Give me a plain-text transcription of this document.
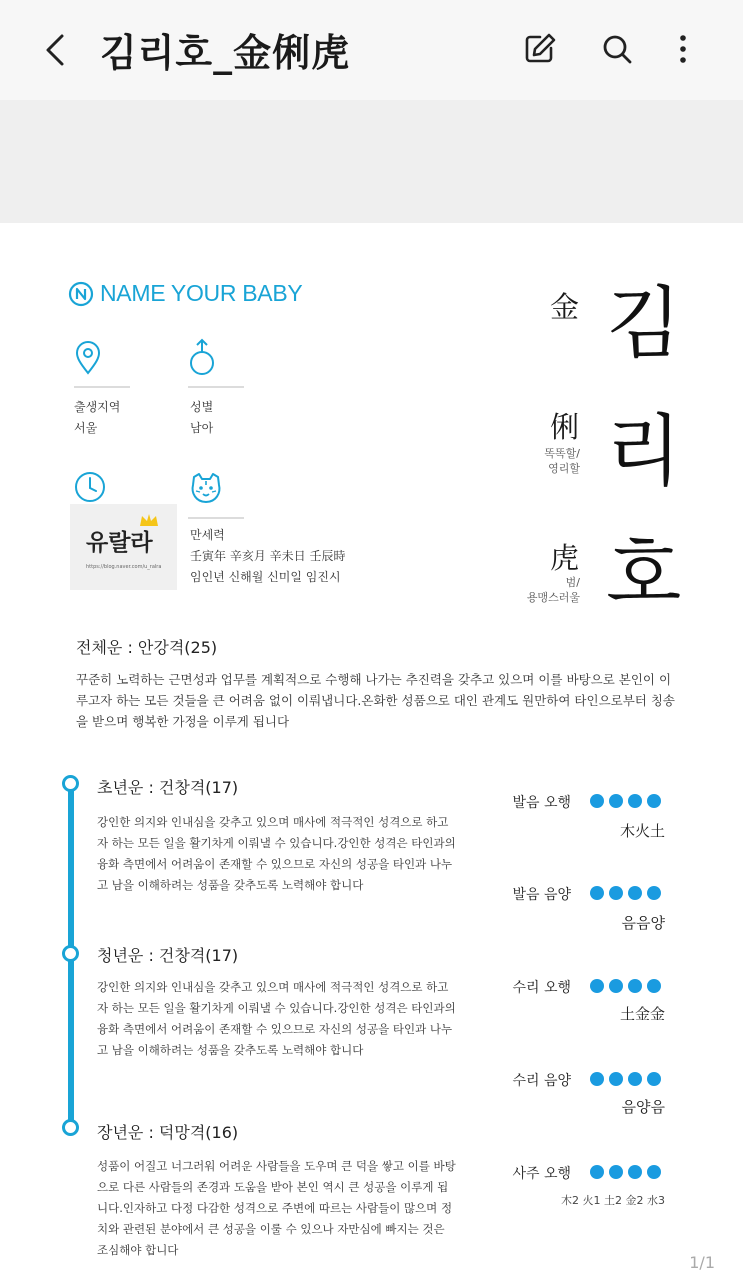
김리호_金俐虎
NAME YOUR BABY
출생지역
서울
성별
남아
만세력
壬寅年 辛亥月 辛未日 壬辰時
임인년 신해월 신미일 임진시
유랄라
https://blog.naver.com/u_ralra
金
俐
똑똑할/
영리할
虎
범/
용맹스러울
김
리
호
전체운 : 안강격(25)
꾸준히 노력하는 근면성과 업무를 계획적으로 수행해 나가는 추진력을 갖추고 있으며 이를 바탕으로 본인이 이루고자 하는 모든 것들을 큰 어려움 없이 이뤄냅니다.온화한 성품으로 대인 관계도 원만하여 타인으로부터 칭송을 받으며 행복한 가정을 이루게 됩니다
초년운 : 건창격(17)
강인한 의지와 인내심을 갖추고 있으며 매사에 적극적인 성격으로 하고자 하는 모든 일을 활기차게 이뤄낼 수 있습니다.강인한 성격은 타인과의 융화 측면에서 어려움이 존재할 수 있으므로 자신의 성공을 타인과 나누고 남을 이해하려는 성품을 갖추도록 노력해야 합니다
청년운 : 건창격(17)
강인한 의지와 인내심을 갖추고 있으며 매사에 적극적인 성격으로 하고자 하는 모든 일을 활기차게 이뤄낼 수 있습니다.강인한 성격은 타인과의 융화 측면에서 어려움이 존재할 수 있으므로 자신의 성공을 타인과 나누고 남을 이해하려는 성품을 갖추도록 노력해야 합니다
장년운 : 덕망격(16)
성품이 어질고 너그러워 어려운 사람들을 도우며 큰 덕을 쌓고 이를 바탕으로 다른 사람들의 존경과 도움을 받아 본인 역시 큰 성공을 이루게 됩니다.인자하고 다정 다감한 성격으로 주변에 따르는 사람들이 많으며 정치와 관련된 분야에서 큰 성공을 이룰 수 있으나 자만심에 빠지는 것은 조심해야 합니다
발음 오행
木火土
발음 음양
음음양
수리 오행
土金金
수리 음양
음양음
사주 오행
木2 火1 土2 金2 水3
1/1
